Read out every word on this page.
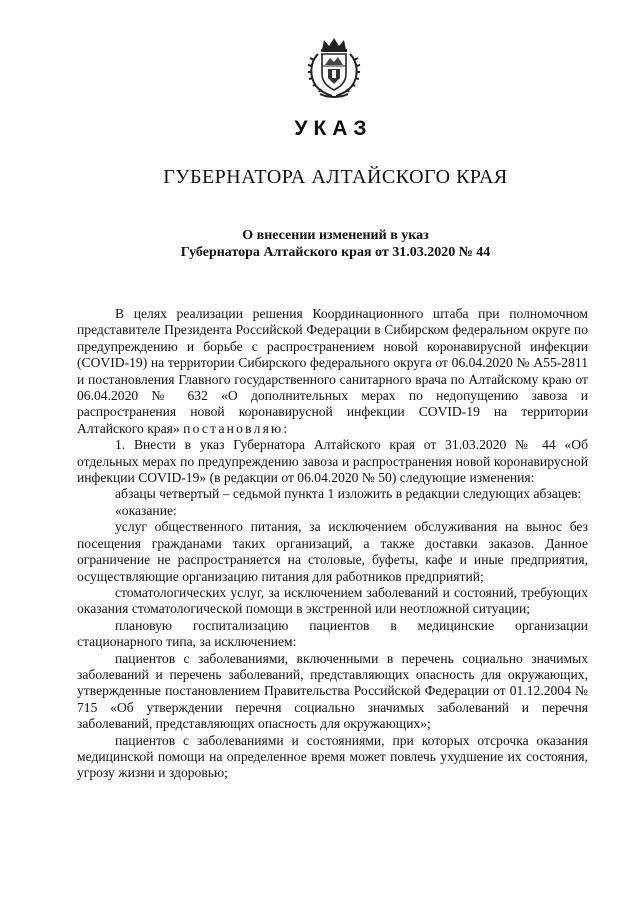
УКАЗ
ГУБЕРНАТОРА АЛТАЙСКОГО КРАЯ
О внесении изменений в указ
Губернатора Алтайского края от 31.03.2020 № 44

В целях реализации решения Координационного штаба при полномочном представителе Президента Российской Федерации в Сибирском федеральном округе по предупреждению и борьбе с распространением новой коронавирусной инфекции (COVID-19) на территории Сибирского федерального округа от 06.04.2020 № А55-2811 и постановления Главного государственного санитарного врача по Алтайскому краю от 06.04.2020 № 632 «О дополнительных мерах по недопущению завоза и распространения новой коронавирусной инфекции COVID-19 на территории Алтайского края» постановляю:

1. Внести в указ Губернатора Алтайского края от 31.03.2020 № 44 «Об отдельных мерах по предупреждению завоза и распространения новой коронавирусной инфекции COVID-19» (в редакции от 06.04.2020 № 50) следующие изменения:

абзацы четвертый – седьмой пункта 1 изложить в редакции следующих абзацев:

«оказание:

услуг общественного питания, за исключением обслуживания на вынос без посещения гражданами таких организаций, а также доставки заказов. Данное ограничение не распространяется на столовые, буфеты, кафе и иные предприятия, осуществляющие организацию питания для работников предприятий;

стоматологических услуг, за исключением заболеваний и состояний, требующих оказания стоматологической помощи в экстренной или неотложной ситуации;

плановую госпитализацию пациентов в медицинские организации стационарного типа, за исключением:

пациентов с заболеваниями, включенными в перечень социально значимых заболеваний и перечень заболеваний, представляющих опасность для окружающих, утвержденные постановлением Правительства Российской Федерации от 01.12.2004 № 715 «Об утверждении перечня социально значимых заболеваний и перечня заболеваний, представляющих опасность для окружающих»;

пациентов с заболеваниями и состояниями, при которых отсрочка оказания медицинской помощи на определенное время может повлечь ухудшение их состояния, угрозу жизни и здоровью;
